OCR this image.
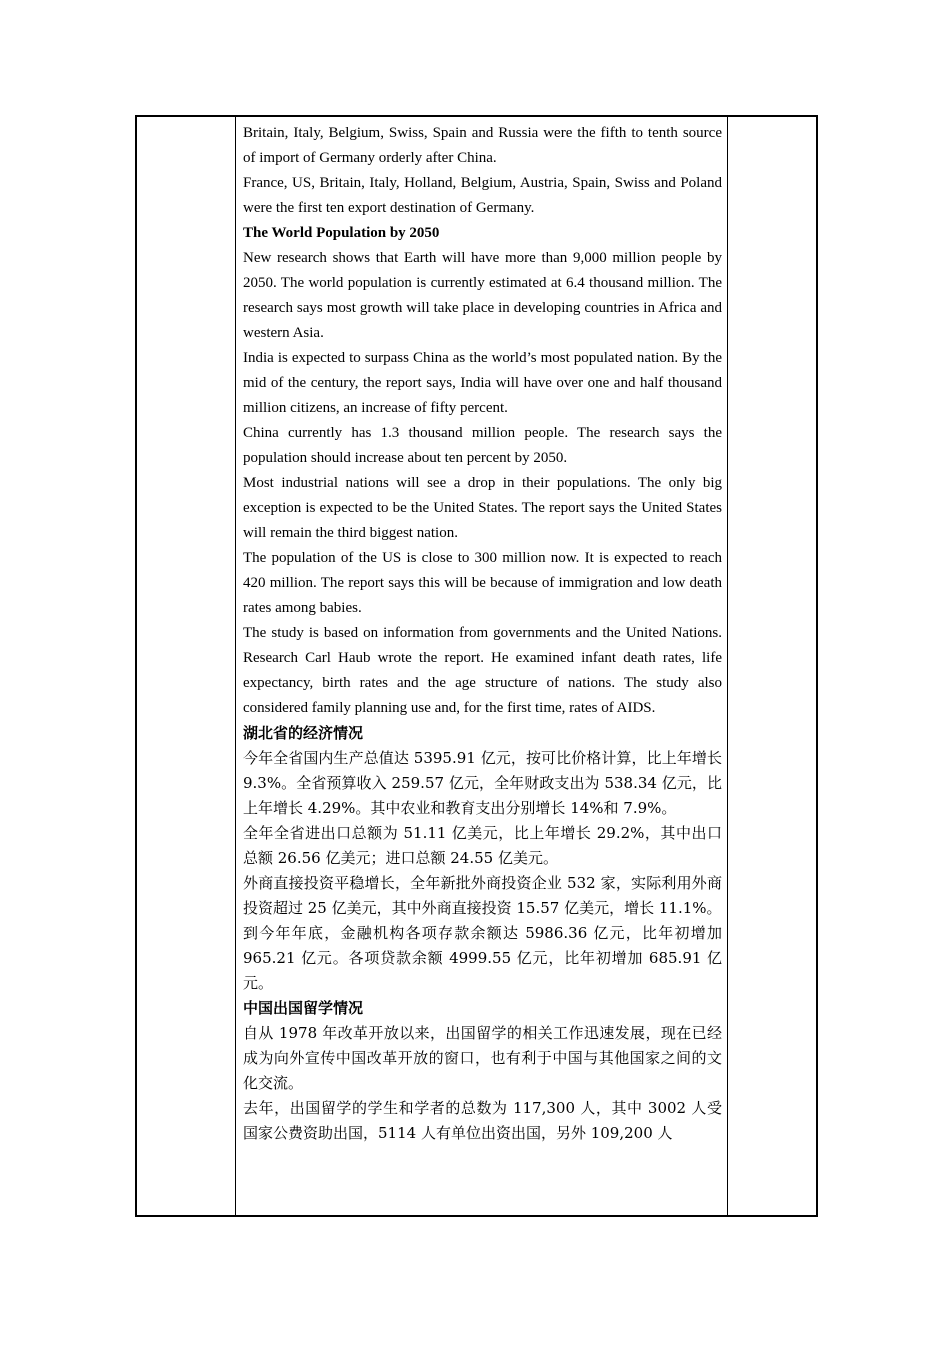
Britain, Italy, Belgium, Swiss, Spain and Russia were the fifth to tenth source of import of Germany orderly after China.

France, US, Britain, Italy, Holland, Belgium, Austria, Spain, Swiss and Poland were the first ten export destination of Germany.

The World Population by 2050

New research shows that Earth will have more than 9,000 million people by 2050. The world population is currently estimated at 6.4 thousand million. The research says most growth will take place in developing countries in Africa and western Asia.

India is expected to surpass China as the world’s most populated nation. By the mid of the century, the report says, India will have over one and half thousand million citizens, an increase of fifty percent.

China currently has 1.3 thousand million people. The research says the population should increase about ten percent by 2050.

Most industrial nations will see a drop in their populations. The only big exception is expected to be the United States. The report says the United States will remain the third biggest nation.

The population of the US is close to 300 million now. It is expected to reach 420 million. The report says this will be because of immigration and low death rates among babies.

The study is based on information from governments and the United Nations. Research Carl Haub wrote the report. He examined infant death rates, life expectancy, birth rates and the age structure of nations. The study also considered family planning use and, for the first time, rates of AIDS.

湖北省的经济情况

今年全省国内生产总值达 5395.91 亿元，按可比价格计算，比上年增长 9.3%。全省预算收入 259.57 亿元，全年财政支出为 538.34 亿元，比上年增长 4.29%。其中农业和教育支出分别增长 14%和 7.9%。

全年全省进出口总额为 51.11 亿美元，比上年增长 29.2%，其中出口总额 26.56 亿美元；进口总额 24.55 亿美元。

外商直接投资平稳增长，全年新批外商投资企业 532 家，实际利用外商投资超过 25 亿美元，其中外商直接投资 15.57 亿美元，增长 11.1%。

到今年年底，金融机构各项存款余额达 5986.36 亿元，比年初增加 965.21 亿元。各项贷款余额 4999.55 亿元，比年初增加 685.91 亿元。

中国出国留学情况

自从 1978 年改革开放以来，出国留学的相关工作迅速发展，现在已经成为向外宣传中国改革开放的窗口，也有利于中国与其他国家之间的文化交流。

去年，出国留学的学生和学者的总数为 117,300 人，其中 3002 人受国家公费资助出国，5114 人有单位出资出国，另外 109,200 人
